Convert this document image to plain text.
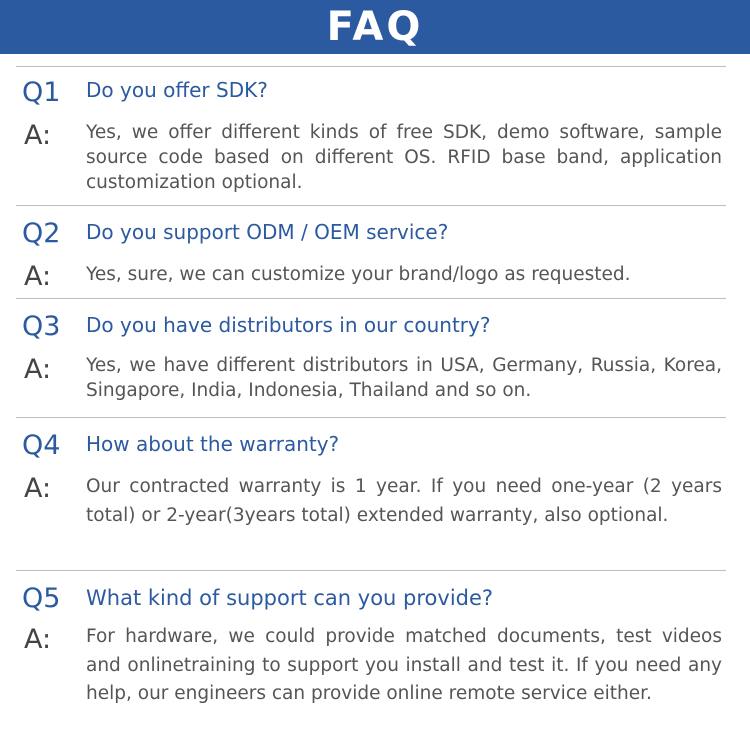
FAQ
Q1 Do you offer SDK?
A: Yes, we offer different kinds of free SDK, demo software, sample source code based on different OS. RFID base band, application customization optional.

Q2 Do you support ODM / OEM service?
A: Yes, sure, we can customize your brand/logo as requested.

Q3 Do you have distributors in our country?
A: Yes, we have different distributors in USA, Germany, Russia, Korea, Singapore, India, Indonesia, Thailand and so on.

Q4 How about the warranty?
A: Our contracted warranty is 1 year. If you need one-year (2 years total) or 2-year(3years total) extended warranty, also optional.

Q5 What kind of support can you provide?
A: For hardware, we could provide matched documents, test videos and onlinetraining to support you install and test it. If you need any help, our engineers can provide online remote service either.
